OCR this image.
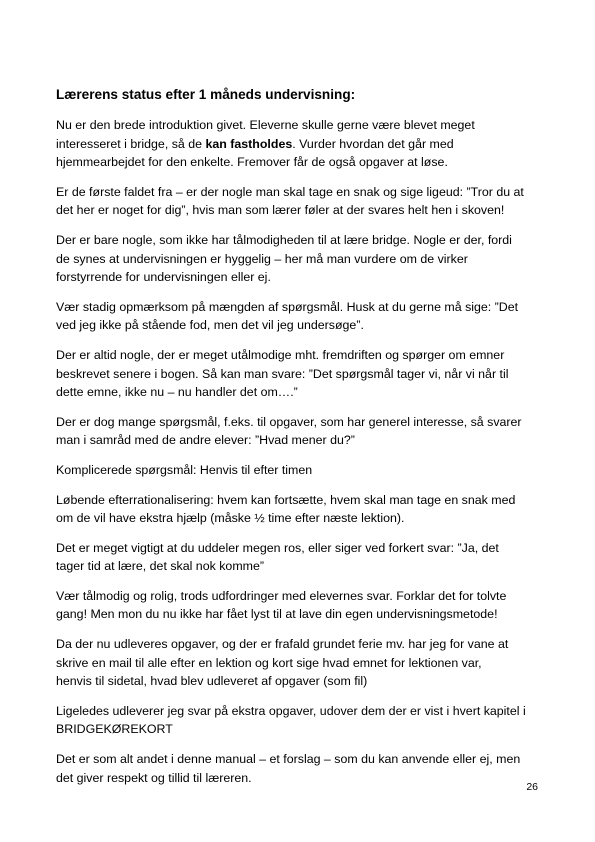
Lærerens status efter 1 måneds undervisning:

Nu er den brede introduktion givet. Eleverne skulle gerne være blevet meget
interesseret i bridge, så de kan fastholdes. Vurder hvordan det går med
hjemmearbejdet for den enkelte. Fremover får de også opgaver at løse.

Er de første faldet fra – er der nogle man skal tage en snak og sige ligeud: ”Tror du at
det her er noget for dig”, hvis man som lærer føler at der svares helt hen i skoven!

Der er bare nogle, som ikke har tålmodigheden til at lære bridge. Nogle er der, fordi
de synes at undervisningen er hyggelig – her må man vurdere om de virker
forstyrrende for undervisningen eller ej.

Vær stadig opmærksom på mængden af spørgsmål. Husk at du gerne må sige: ”Det
ved jeg ikke på stående fod, men det vil jeg undersøge”.

Der er altid nogle, der er meget utålmodige mht. fremdriften og spørger om emner
beskrevet senere i bogen. Så kan man svare: ”Det spørgsmål tager vi, når vi når til
dette emne, ikke nu – nu handler det om….”

Der er dog mange spørgsmål, f.eks. til opgaver, som har generel interesse, så svarer
man i samråd med de andre elever: ”Hvad mener du?”

Komplicerede spørgsmål: Henvis til efter timen

Løbende efterrationalisering: hvem kan fortsætte, hvem skal man tage en snak med
om de vil have ekstra hjælp (måske ½ time efter næste lektion).

Det er meget vigtigt at du uddeler megen ros, eller siger ved forkert svar: ”Ja, det
tager tid at lære, det skal nok komme”

Vær tålmodig og rolig, trods udfordringer med elevernes svar. Forklar det for tolvte
gang! Men mon du nu ikke har fået lyst til at lave din egen undervisningsmetode!

Da der nu udleveres opgaver, og der er frafald grundet ferie mv. har jeg for vane at
skrive en mail til alle efter en lektion og kort sige hvad emnet for lektionen var,
henvis til sidetal, hvad blev udleveret af opgaver (som fil)

Ligeledes udleverer jeg svar på ekstra opgaver, udover dem der er vist i hvert kapitel i
BRIDGEKØREKORT

Det er som alt andet i denne manual – et forslag – som du kan anvende eller ej, men
det giver respekt og tillid til læreren.

26
